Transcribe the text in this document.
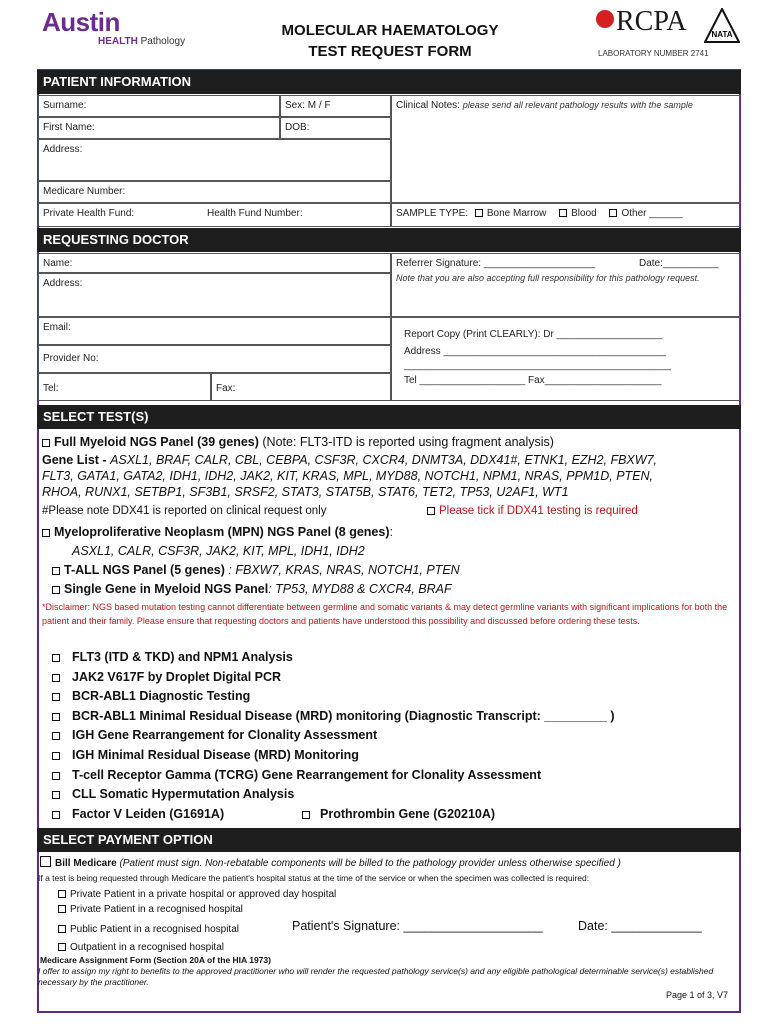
Austin
HEALTH Pathology
MOLECULAR HAEMATOLOGY
TEST REQUEST FORM
RCPA	NATA
LABORATORY NUMBER 2741
PATIENT INFORMATION
Surname:	Sex: M / F
First Name:	DOB:
Address:
Medicare Number:
Private Health Fund:	Health Fund Number:
Clinical Notes: please send all relevant pathology results with the sample
SAMPLE TYPE: Bone Marrow Blood Other ______
REQUESTING DOCTOR
Name:
Address:
Email:
Provider No:
Tel:	Fax:
Referrer Signature: ____________________	Date:__________
Note that you are also accepting full responsibility for this pathology request.
Report Copy (Print CLEARLY): Dr ___________________
Address ________________________________________
________________________________________________
Tel ___________________ Fax_____________________
SELECT TEST(S)
Full Myeloid NGS Panel (39 genes) (Note: FLT3-ITD is reported using fragment analysis)
Gene List - ASXL1, BRAF, CALR, CBL, CEBPA, CSF3R, CXCR4, DNMT3A, DDX41#, ETNK1, EZH2, FBXW7,
FLT3, GATA1, GATA2, IDH1, IDH2, JAK2, KIT, KRAS, MPL, MYD88, NOTCH1, NPM1, NRAS, PPM1D, PTEN,
RHOA, RUNX1, SETBP1, SF3B1, SRSF2, STAT3, STAT5B, STAT6, TET2, TP53, U2AF1, WT1
#Please note DDX41 is reported on clinical request only	Please tick if DDX41 testing is required
Myeloproliferative Neoplasm (MPN) NGS Panel (8 genes):
ASXL1, CALR, CSF3R, JAK2, KIT, MPL, IDH1, IDH2
T-ALL NGS Panel (5 genes) : FBXW7, KRAS, NRAS, NOTCH1, PTEN
Single Gene in Myeloid NGS Panel: TP53, MYD88 & CXCR4, BRAF
*Disclaimer: NGS based mutation testing cannot differentiate between germline and somatic variants & may detect germline variants with significant implications for both the patient and their family. Please ensure that requesting doctors and patients have understood this possibility and discussed before ordering these tests.
FLT3 (ITD & TKD) and NPM1 Analysis
JAK2 V617F by Droplet Digital PCR
BCR-ABL1 Diagnostic Testing
BCR-ABL1 Minimal Residual Disease (MRD) monitoring (Diagnostic Transcript: _________ )
IGH Gene Rearrangement for Clonality Assessment
IGH Minimal Residual Disease (MRD) Monitoring
T-cell Receptor Gamma (TCRG) Gene Rearrangement for Clonality Assessment
CLL Somatic Hypermutation Analysis
Factor V Leiden (G1691A)	Prothrombin Gene (G20210A)
SELECT PAYMENT OPTION
Bill Medicare (Patient must sign. Non-rebatable components will be billed to the pathology provider unless otherwise specified )
If a test is being requested through Medicare the patient's hospital status at the time of the service or when the specimen was collected is required:
Private Patient in a private hospital or approved day hospital
Private Patient in a recognised hospital
Public Patient in a recognised hospital
Outpatient in a recognised hospital
Patient's Signature: ____________________	Date: _____________
Medicare Assignment Form (Section 20A of the HIA 1973)
I offer to assign my right to benefits to the approved practitioner who will render the requested pathology service(s) and any eligible pathological determinable service(s) established necessary by the practitioner.
Page 1 of 3, V7
